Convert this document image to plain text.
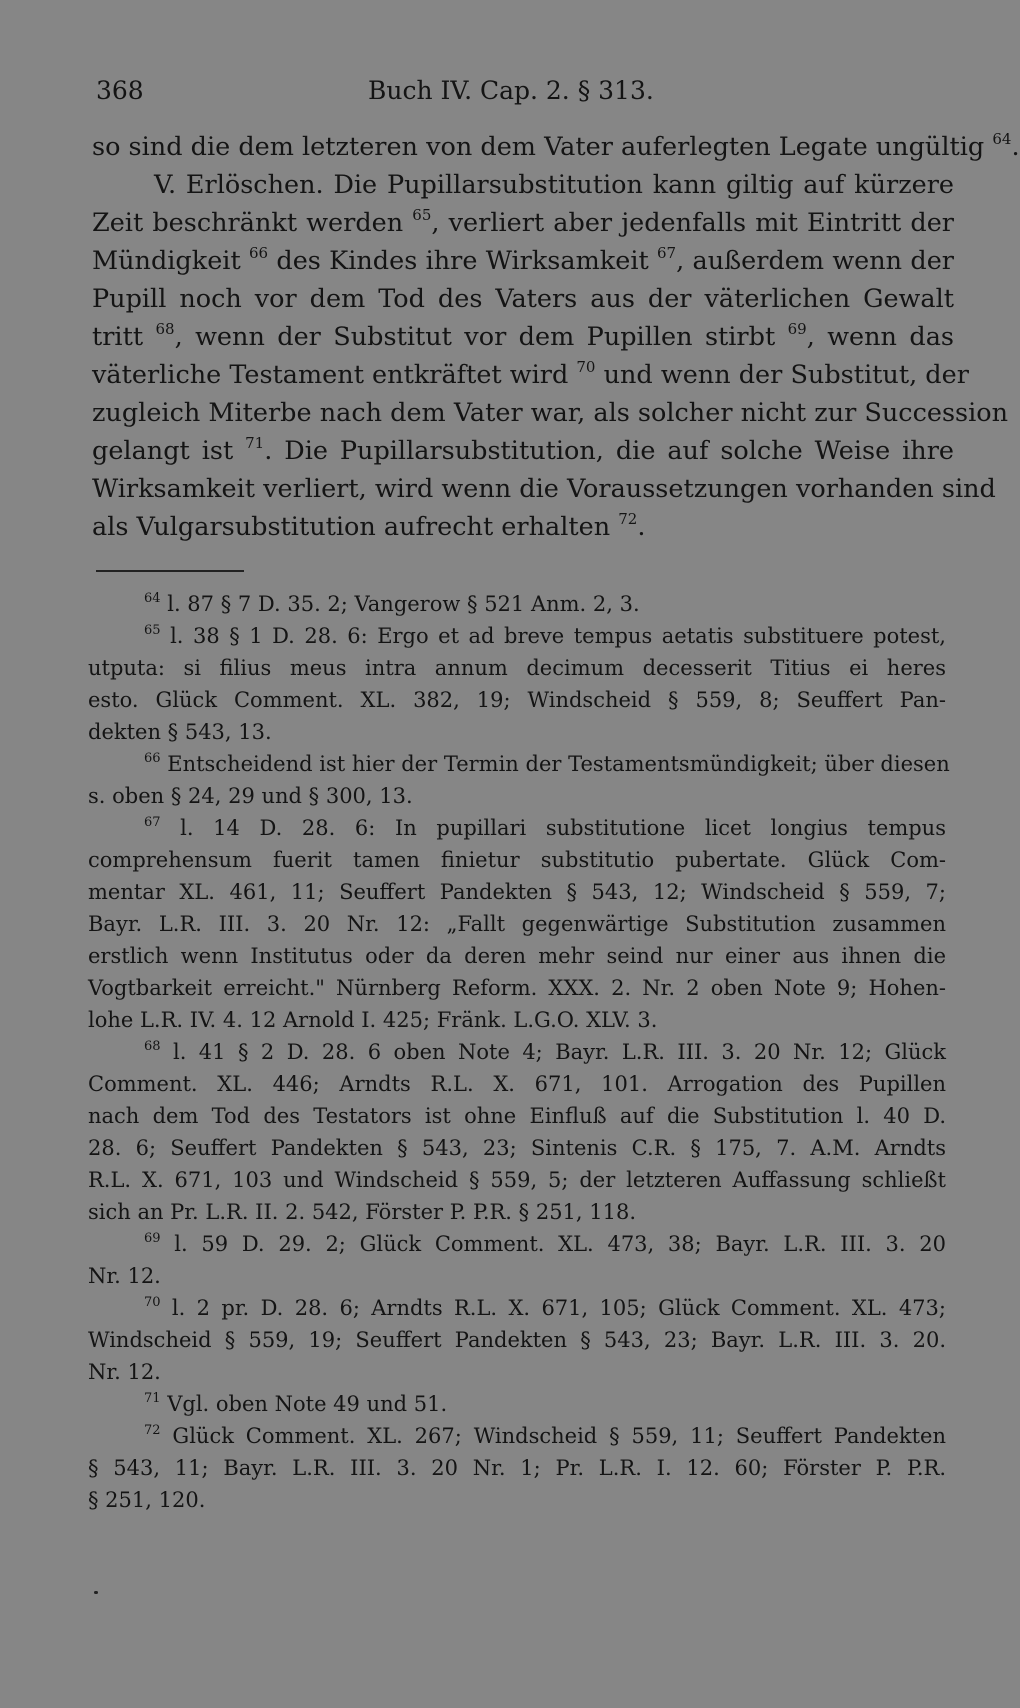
368	Buch IV. Cap. 2. § 313.
so sind die dem letzteren von dem Vater auferlegten Legate ungültig $^{64}$.
V. Erlöschen. Die Pupillarsubstitution kann giltig auf kürzere
Zeit beschränkt werden $^{65}$, verliert aber jedenfalls mit Eintritt der
Mündigkeit $^{66}$ des Kindes ihre Wirksamkeit $^{67}$, außerdem wenn der
Pupill noch vor dem Tod des Vaters aus der väterlichen Gewalt
tritt $^{68}$, wenn der Substitut vor dem Pupillen stirbt $^{69}$, wenn das
väterliche Testament entkräftet wird $^{70}$ und wenn der Substitut, der
zugleich Miterbe nach dem Vater war, als solcher nicht zur Succession
gelangt ist $^{71}$. Die Pupillarsubstitution, die auf solche Weise ihre
Wirksamkeit verliert, wird wenn die Voraussetzungen vorhanden sind
als Vulgarsubstitution aufrecht erhalten $^{72}$.
$^{64}$ l. 87 § 7 D. 35. 2; Vangerow § 521 Anm. 2, 3.
$^{65}$ l. 38 § 1 D. 28. 6: Ergo et ad breve tempus aetatis substituere potest,
utputa: si filius meus intra annum decimum decesserit Titius ei heres
esto. Glück Comment. XL. 382, 19; Windscheid § 559, 8; Seuffert Pan-
dekten § 543, 13.
$^{66}$ Entscheidend ist hier der Termin der Testamentsmündigkeit; über diesen
s. oben § 24, 29 und § 300, 13.
$^{67}$ l. 14 D. 28. 6: In pupillari substitutione licet longius tempus
comprehensum fuerit tamen finietur substitutio pubertate. Glück Com-
mentar XL. 461, 11; Seuffert Pandekten § 543, 12; Windscheid § 559, 7;
Bayr. L.R. III. 3. 20 Nr. 12: „Fallt gegenwärtige Substitution zusammen
erstlich wenn Institutus oder da deren mehr seind nur einer aus ihnen die
Vogtbarkeit erreicht." Nürnberg Reform. XXX. 2. Nr. 2 oben Note 9; Hohen-
lohe L.R. IV. 4. 12 Arnold I. 425; Fränk. L.G.O. XLV. 3.
$^{68}$ l. 41 § 2 D. 28. 6 oben Note 4; Bayr. L.R. III. 3. 20 Nr. 12; Glück
Comment. XL. 446; Arndts R.L. X. 671, 101. Arrogation des Pupillen
nach dem Tod des Testators ist ohne Einfluß auf die Substitution l. 40 D.
28. 6; Seuffert Pandekten § 543, 23; Sintenis C.R. § 175, 7. A.M. Arndts
R.L. X. 671, 103 und Windscheid § 559, 5; der letzteren Auffassung schließt
sich an Pr. L.R. II. 2. 542, Förster P. P.R. § 251, 118.
$^{69}$ l. 59 D. 29. 2; Glück Comment. XL. 473, 38; Bayr. L.R. III. 3. 20
Nr. 12.
$^{70}$ l. 2 pr. D. 28. 6; Arndts R.L. X. 671, 105; Glück Comment. XL. 473;
Windscheid § 559, 19; Seuffert Pandekten § 543, 23; Bayr. L.R. III. 3. 20.
Nr. 12.
$^{71}$ Vgl. oben Note 49 und 51.
$^{72}$ Glück Comment. XL. 267; Windscheid § 559, 11; Seuffert Pandekten
§ 543, 11; Bayr. L.R. III. 3. 20 Nr. 1; Pr. L.R. I. 12. 60; Förster P. P.R.
§ 251, 120.
